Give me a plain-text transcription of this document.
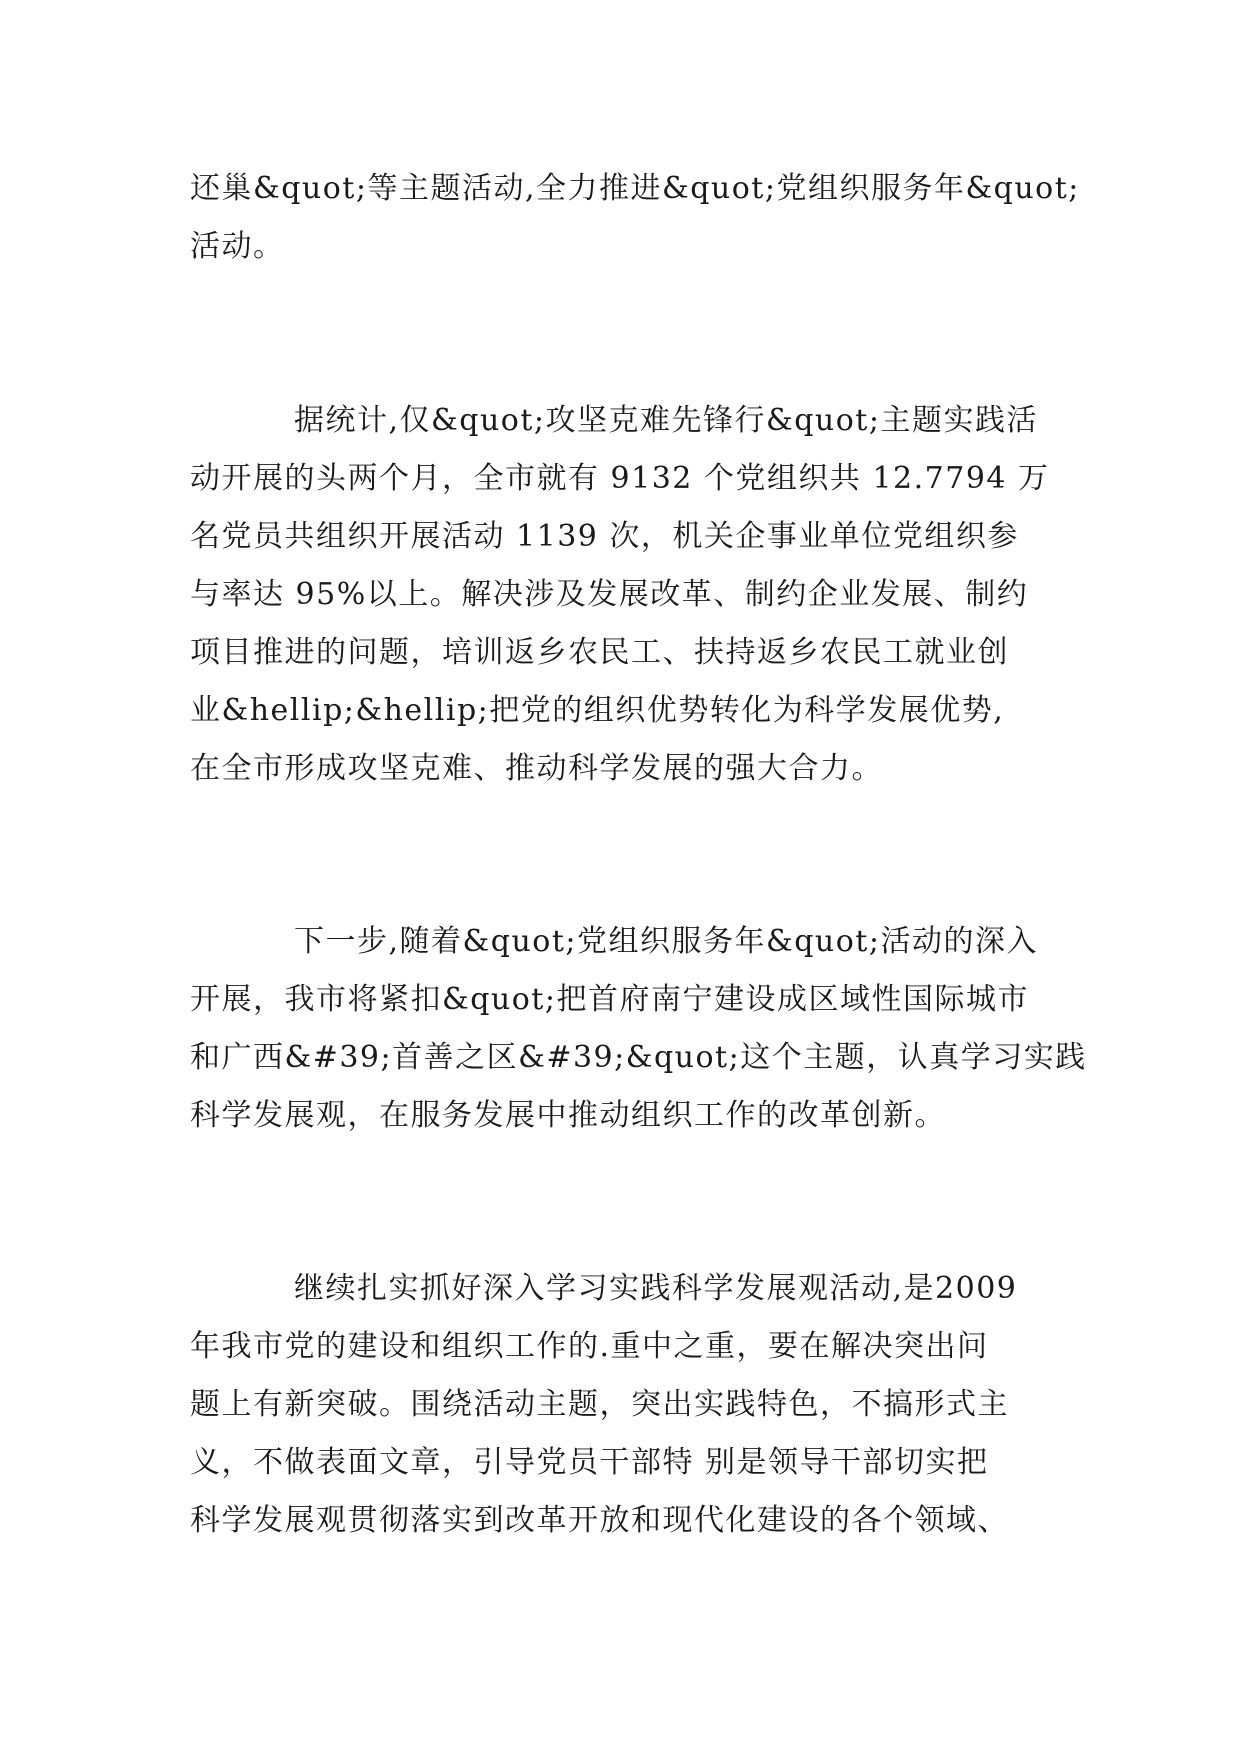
还巢&quot;等主题活动,全力推进&quot;党组织服务年&quot;
活动。

据统计,仅&quot;攻坚克难先锋行&quot;主题实践活
动开展的头两个月，全市就有 9132 个党组织共 12.7794 万
名党员共组织开展活动 1139 次，机关企事业单位党组织参
与率达 95%以上。解决涉及发展改革、制约企业发展、制约
项目推进的问题，培训返乡农民工、扶持返乡农民工就业创
业&hellip;&hellip;把党的组织优势转化为科学发展优势,
在全市形成攻坚克难、推动科学发展的强大合力。

下一步,随着&quot;党组织服务年&quot;活动的深入
开展，我市将紧扣&quot;把首府南宁建设成区域性国际城市
和广西&#39;首善之区&#39;&quot;这个主题，认真学习实践
科学发展观，在服务发展中推动组织工作的改革创新。

继续扎实抓好深入学习实践科学发展观活动,是2009
年我市党的建设和组织工作的.重中之重，要在解决突出问
题上有新突破。围绕活动主题，突出实践特色，不搞形式主
义，不做表面文章，引导党员干部特 别是领导干部切实把
科学发展观贯彻落实到改革开放和现代化建设的各个领域、
